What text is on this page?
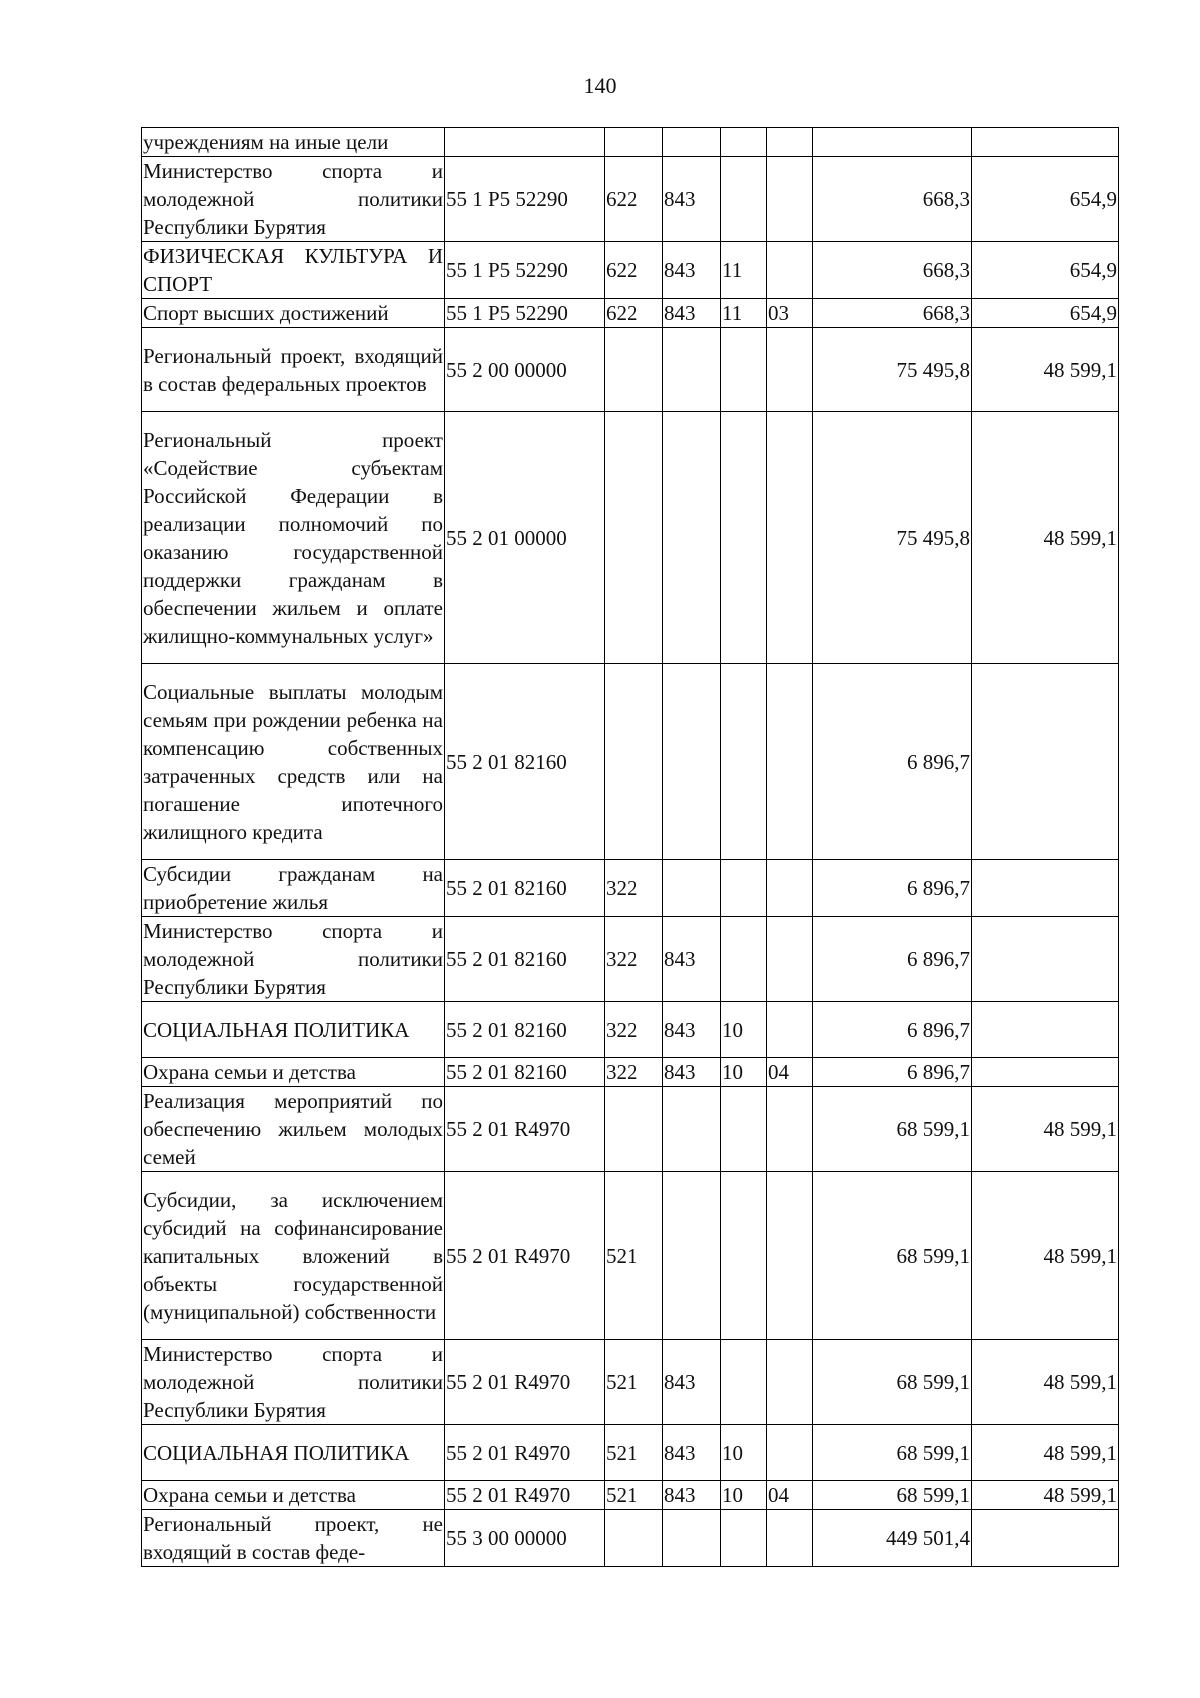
140
учреждениям на иные цели							
Министерство спорта и молодежной политики Республики Бурятия	55 1 Р5 52290	622	843			668,3	654,9
ФИЗИЧЕСКАЯ КУЛЬТУРА И СПОРТ	55 1 Р5 52290	622	843	11		668,3	654,9
Спорт высших достижений	55 1 Р5 52290	622	843	11	03	668,3	654,9
Региональный проект, входящий в состав федеральных проектов	55 2 00 00000					75 495,8	48 599,1
Региональный проект «Содействие субъектам Российской Федерации в реализации полномочий по оказанию государственной поддержки гражданам в обеспечении жильем и оплате жилищно-коммунальных услуг»	55 2 01 00000					75 495,8	48 599,1
Социальные выплаты молодым семьям при рождении ребенка на компенсацию собственных затраченных средств или на погашение ипотечного жилищного кредита	55 2 01 82160					6 896,7	
Субсидии гражданам на приобретение жилья	55 2 01 82160	322				6 896,7	
Министерство спорта и молодежной политики Республики Бурятия	55 2 01 82160	322	843			6 896,7	
СОЦИАЛЬНАЯ ПОЛИТИКА	55 2 01 82160	322	843	10		6 896,7	
Охрана семьи и детства	55 2 01 82160	322	843	10	04	6 896,7	
Реализация мероприятий по обеспечению жильем молодых семей	55 2 01 R4970					68 599,1	48 599,1
Субсидии, за исключением субсидий на софинансирование капитальных вложений в объекты государственной (муниципальной) собственности	55 2 01 R4970	521				68 599,1	48 599,1
Министерство спорта и молодежной политики Республики Бурятия	55 2 01 R4970	521	843			68 599,1	48 599,1
СОЦИАЛЬНАЯ ПОЛИТИКА	55 2 01 R4970	521	843	10		68 599,1	48 599,1
Охрана семьи и детства	55 2 01 R4970	521	843	10	04	68 599,1	48 599,1
Региональный проект, не входящий в состав феде-	55 3 00 00000					449 501,4	
